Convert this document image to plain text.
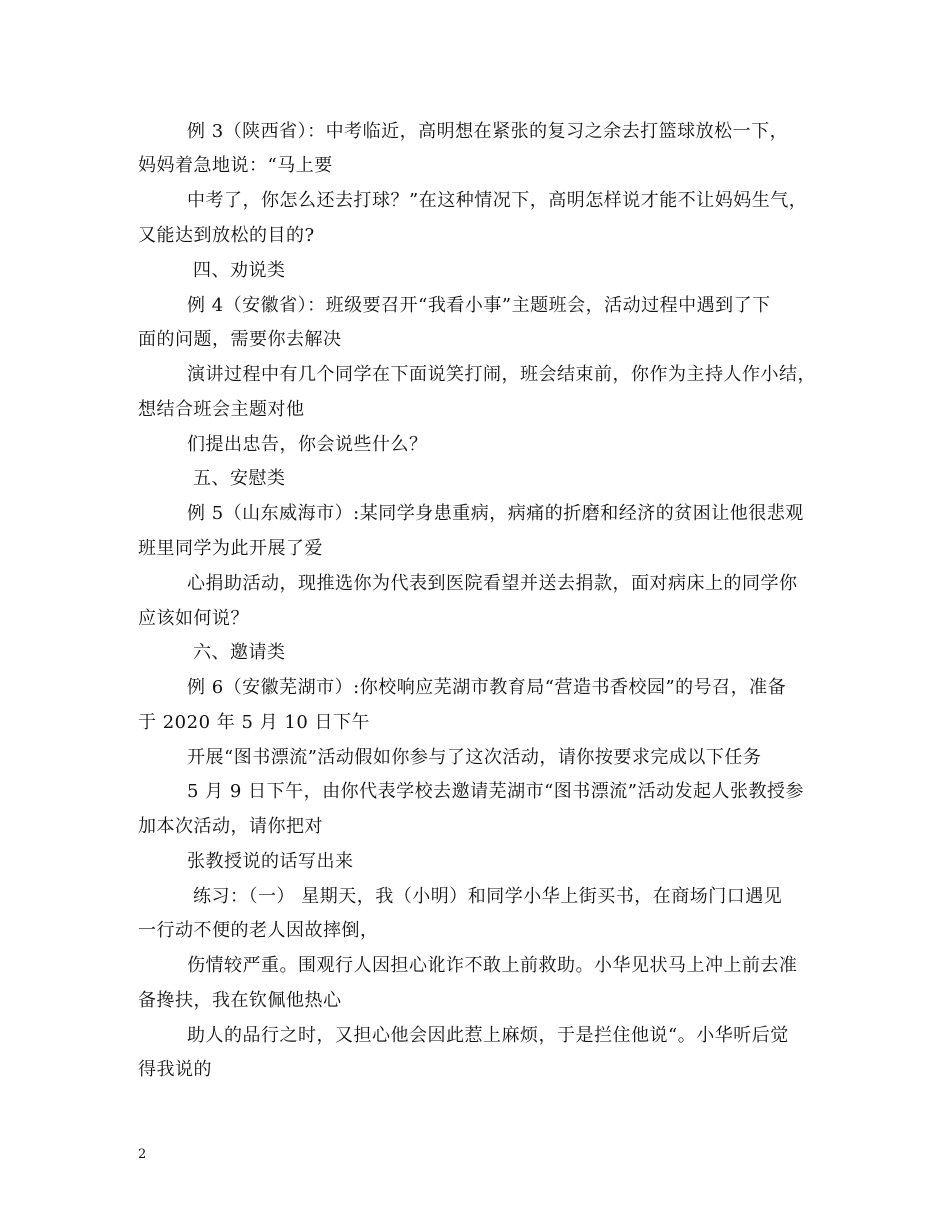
例 3（陕西省）：中考临近，高明想在紧张的复习之余去打篮球放松一下，
妈妈着急地说：“马上要
中考了，你怎么还去打球？”在这种情况下，高明怎样说才能不让妈妈生气，
又能达到放松的目的?
四、劝说类
例 4（安徽省）：班级要召开“我看小事”主题班会，活动过程中遇到了下
面的问题，需要你去解决
演讲过程中有几个同学在下面说笑打闹，班会结束前，你作为主持人作小结，
想结合班会主题对他
们提出忠告，你会说些什么？
五、安慰类
例 5（山东威海市）:某同学身患重病，病痛的折磨和经济的贫困让他很悲观
班里同学为此开展了爱
心捐助活动，现推选你为代表到医院看望并送去捐款，面对病床上的同学你
应该如何说？
六、邀请类
例 6（安徽芜湖市）:你校响应芜湖市教育局“营造书香校园”的号召，准备
于 2020 年 5 月 10 日下午
开展“图书漂流”活动假如你参与了这次活动，请你按要求完成以下任务
5 月 9 日下午，由你代表学校去邀请芜湖市“图书漂流”活动发起人张教授参
加本次活动，请你把对
张教授说的话写出来
练习：（一） 星期天，我（小明）和同学小华上街买书，在商场门口遇见
一行动不便的老人因故摔倒，
伤情较严重。围观行人因担心讹诈不敢上前救助。小华见状马上冲上前去准
备搀扶，我在钦佩他热心
助人的品行之时，又担心他会因此惹上麻烦，于是拦住他说“。小华听后觉
得我说的
2
